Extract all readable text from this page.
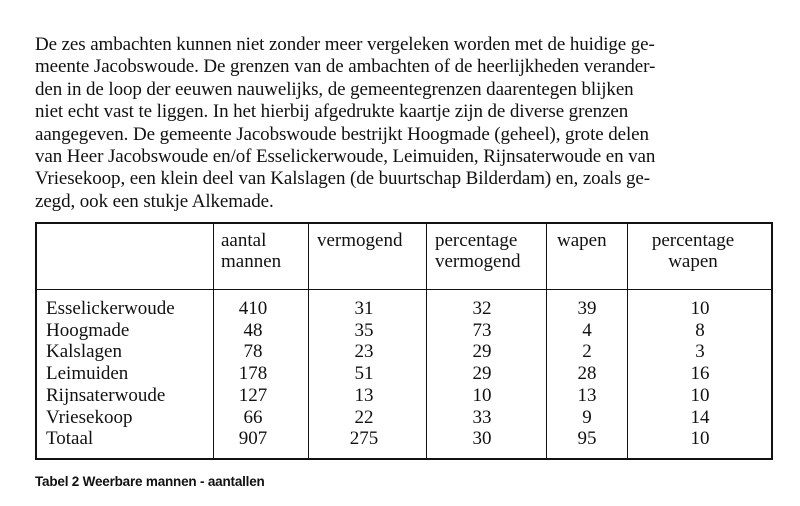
De zes ambachten kunnen niet zonder meer vergeleken worden met de huidige ge-
meente Jacobswoude. De grenzen van de ambachten of de heerlijkheden verander-
den in de loop der eeuwen nauwelijks, de gemeentegrenzen daarentegen blijken
niet echt vast te liggen. In het hierbij afgedrukte kaartje zijn de diverse grenzen
aangegeven. De gemeente Jacobswoude bestrijkt Hoogmade (geheel), grote delen
van Heer Jacobswoude en/of Esselickerwoude, Leimuiden, Rijnsaterwoude en van
Vriesekoop, een klein deel van Kalslagen (de buurtschap Bilderdam) en, zoals ge-
zegd, ook een stukje Alkemade.
aantal
mannen
vermogend percentage
vermogend
wapen	percentage
wapen
Esselickerwoude
Hoogmade
Kalslagen
Leimuiden
Rijnsaterwoude
Vriesekoop
Totaal
410
48
78
178
127
66
907
31
35
23
51
13
22
275
32
73
29
29
10
33
30
39
4
2
28
13
9
95
10
8
3
16
10
14
10
Tabel 2 Weerbare mannen - aantallen
